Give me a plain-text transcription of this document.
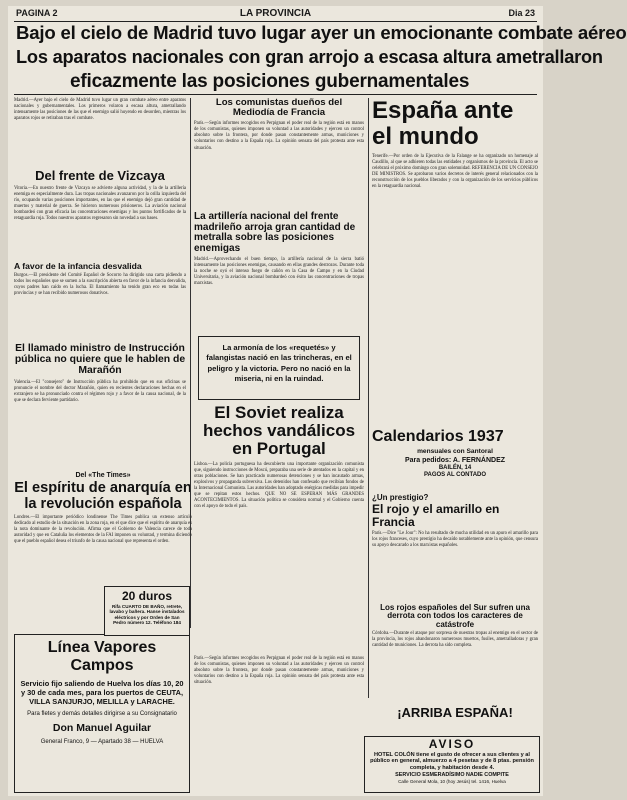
PAGINA 2	LA PROVINCIA	Dia 23
Bajo el cielo de Madrid tuvo lugar ayer un emocionante combate aéreo
Los aparatos nacionales con gran arrojo a escasa altura ametrallaron
eficazmente las posiciones gubernamentales

Madrid.—Ayer bajo el cielo de Madrid tuvo lugar un gran combate aéreo entre aparatos nacionales y gubernamentales. Los primeros volaron a escasa altura, ametrallando intensamente las posiciones de las que el enemigo salió huyendo en desorden, mientras los aparatos rojos se retiraban tras el combate.

Del frente de Vizcaya

Vitoria.—En nuestro frente de Vizcaya se advierte alguna actividad, y la de la artillería enemiga es especialmente dura. Las tropas nacionales avanzaron por la orilla izquierda del río, ocupando varias posiciones importantes, en las que el enemigo dejó gran cantidad de muertos y material de guerra. Se hicieron numerosos prisioneros. La aviación nacional bombardeó con gran eficacia las concentraciones enemigas y los puntos fortificados de la retaguardia roja. Todos nuestros aparatos regresaron sin novedad a sus bases.

A favor de la infancia desvalida

Burgos.—El presidente del Comité Español de Socorro ha dirigido una carta pidiendo a todos los españoles que se sumen a la suscripción abierta en favor de la infancia desvalida, cuyos padres han caído en la lucha. El llamamiento ha tenido gran eco en todas las provincias y se han recibido numerosos donativos.

El llamado ministro de Instrucción pública no quiere que le hablen de Marañón

Valencia.—El "consejero" de Instrucción pública ha prohibido que en sus oficinas se pronuncie el nombre del doctor Marañón, quien en recientes declaraciones hechas en el extranjero se ha pronunciado contra el régimen rojo y a favor de la causa nacional, de la que se declara ferviente partidario.

Del «The Times»

El espíritu de anarquía en la revolución española

Londres.—El importante periódico londinense The Times publica un extenso artículo dedicado al estudio de la situación en la zona roja, en el que dice que el espíritu de anarquía es la nota dominante de la revolución. Afirma que el Gobierno de Valencia carece de toda autoridad y que en Cataluña los elementos de la FAI imponen su voluntad, y termina diciendo que el pueblo español desea el triunfo de la causa nacional que representa el orden.

Línea Vapores Campos

Servicio fijo saliendo de Huelva los días 10, 20 y 30 de cada mes, para los puertos de CEUTA, VILLA SANJURJO, MELILLA y LARACHE.

Para fletes y demás detalles dirigirse a su Consignatario

Don Manuel Aguilar

General Franco, 9 — Apartado 38 — HUELVA

Los comunistas dueños del Mediodía de Francia

París.—Según informes recogidos en Perpignan el poder real de la región está en manos de los comunistas, quienes imponen su voluntad a las autoridades y ejercen un control absoluto sobre la frontera, por donde pasan constantemente armas, municiones y voluntarios con destino a la España roja. La opinión sensata del país protesta ante esta situación.

La artillería nacional del frente madrileño arroja gran cantidad de metralla sobre las posiciones enemigas

Madrid.—Aprovechando el buen tiempo, la artillería nacional de la sierra batió intensamente las posiciones enemigas, causando en ellas grandes destrozos. Durante toda la noche se oyó el intenso fuego de cañón en la Casa de Campo y en la Ciudad Universitaria, y la aviación nacional bombardeó con éxito las concentraciones de tropas marxistas.

La armonía de los «requetés» y falangistas nació en las trincheras, en el peligro y la victoria. Pero no nació en la miseria, ni en la ruindad.

El Soviet realiza hechos vandálicos en Portugal

Lisboa.—La policía portuguesa ha descubierto una importante organización comunista que, siguiendo instrucciones de Moscú, preparaba una serie de atentados en la capital y en otras poblaciones. Se han practicado numerosas detenciones y se han incautado armas, explosivos y propaganda subversiva. Los detenidos han confesado que recibían fondos de la Internacional Comunista. Las autoridades han adoptado enérgicas medidas para impedir que se repitan estos hechos. QUE NO SE ESPERAN MÁS GRANDES ACONTECIMIENTOS. La situación política se considera normal y el Gobierno cuenta con el apoyo de todo el país.

20 duros

Rifa CUARTO DE BAÑO, retrete, lavabo y bañera. Hanse instalados eléctricos y por Orden de San Pedro número 12. Teléfono 184

París.—Según informes recogidos en Perpignan el poder real de la región está en manos de los comunistas, quienes imponen su voluntad a las autoridades y ejercen un control absoluto sobre la frontera, por donde pasan constantemente armas, municiones y voluntarios con destino a la España roja. La opinión sensata del país protesta ante esta situación.

España ante el mundo

Tenerife.—Por orden de la Ejecutiva de la Falange se ha organizado un homenaje al Caudillo, al que se adhieren todas las entidades y organismos de la provincia. El acto se celebrará el próximo domingo con gran solemnidad. REFERENCIA DE UN CONSEJO DE MINISTROS. Se aprobaron varios decretos de interés general relacionados con la reconstrucción de los pueblos liberados y con la organización de los servicios públicos en la retaguardia nacional.

Calendarios 1937

mensuales con Santoral

Para pedidos: A. FERNÁNDEZ

BAILÉN, 14

PAGOS AL CONTADO

¿Un prestigio?

El rojo y el amarillo en Francia

París.—Dice "Le Jour": No ha resultado de mucha utilidad en un apuro el amarillo para los rojos franceses, cuyo prestigio ha decaído notablemente ante la opinión, que censura su apoyo descarado a los marxistas españoles.

Los rojos españoles del Sur sufren una derrota con todos los caracteres de catástrofe

Córdoba.—Durante el ataque por sorpresa de nuestras tropas al enemigo en el sector de la provincia, los rojos abandonaron numerosos muertos, fusiles, ametralladoras y gran cantidad de municiones. La derrota ha sido completa.

¡ARRIBA ESPAÑA!

AVISO

HOTEL COLÓN tiene el gusto de ofrecer a sus clientes y al público en general, almuerzo a 4 pesetas y de 8 ptas. pensión completa, y habitación desde 4.

SERVICIO ESMERADÍSIMO NADIE COMPITE

Calle General Mola, 10 (hoy Jesús) tel. 1416, Huelva
